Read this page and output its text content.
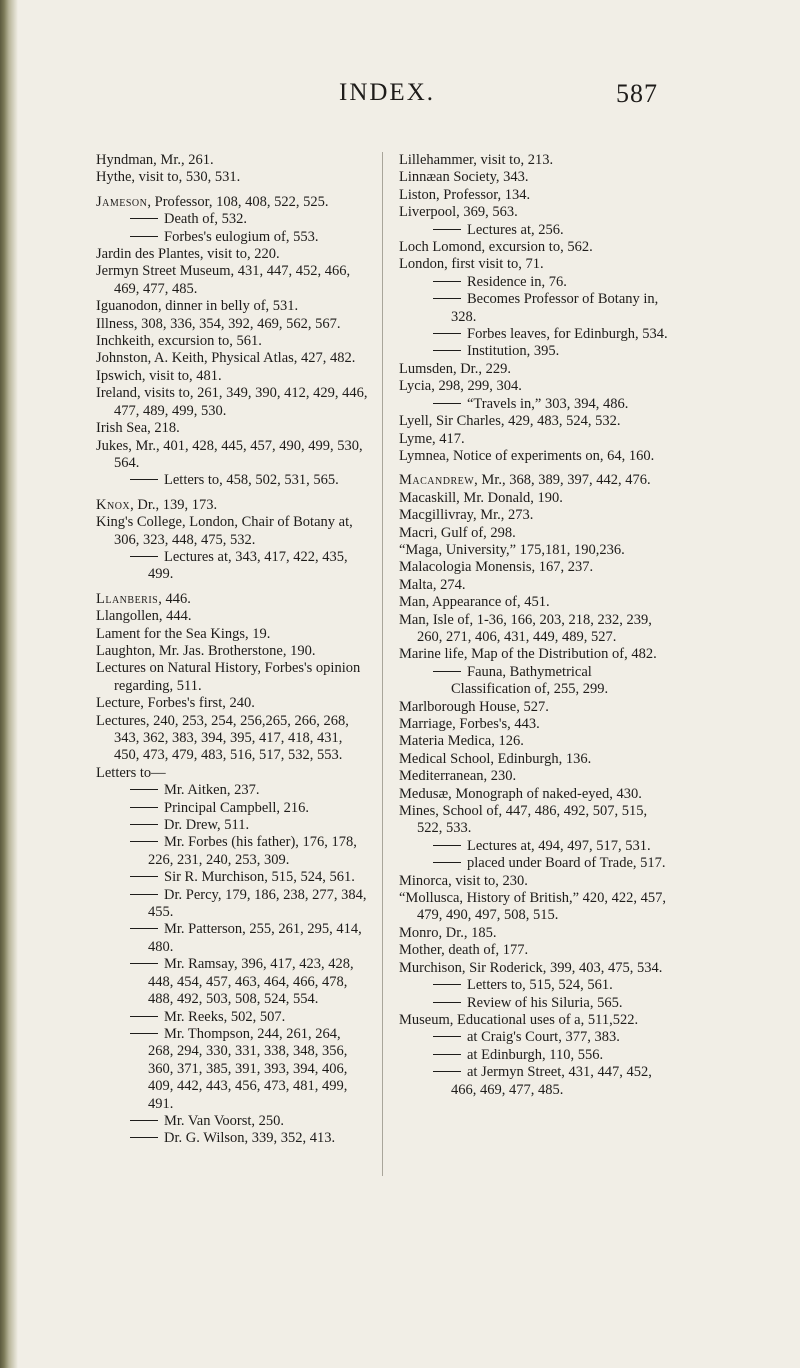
INDEX.	587
Hyndman, Mr., 261.
Hythe, visit to, 530, 531.
Jameson, Professor, 108, 408, 522, 525.
Death of, 532.
Forbes's eulogium of, 553.
Jardin des Plantes, visit to, 220.
Jermyn Street Museum, 431, 447, 452, 466, 469, 477, 485.
Iguanodon, dinner in belly of, 531.
Illness, 308, 336, 354, 392, 469, 562, 567.
Inchkeith, excursion to, 561.
Johnston, A. Keith, Physical Atlas, 427, 482.
Ipswich, visit to, 481.
Ireland, visits to, 261, 349, 390, 412, 429, 446, 477, 489, 499, 530.
Irish Sea, 218.
Jukes, Mr., 401, 428, 445, 457, 490, 499, 530, 564.
Letters to, 458, 502, 531, 565.
Knox, Dr., 139, 173.
King's College, London, Chair of Botany at, 306, 323, 448, 475, 532.
Lectures at, 343, 417, 422, 435, 499.
Llanberis, 446.
Llangollen, 444.
Lament for the Sea Kings, 19.
Laughton, Mr. Jas. Brotherstone, 190.
Lectures on Natural History, Forbes's opinion regarding, 511.
Lecture, Forbes's first, 240.
Lectures, 240, 253, 254, 256,265, 266, 268, 343, 362, 383, 394, 395, 417, 418, 431, 450, 473, 479, 483, 516, 517, 532, 553.
Letters to—
Mr. Aitken, 237.
Principal Campbell, 216.
Dr. Drew, 511.
Mr. Forbes (his father), 176, 178, 226, 231, 240, 253, 309.
Sir R. Murchison, 515, 524, 561.
Dr. Percy, 179, 186, 238, 277, 384, 455.
Mr. Patterson, 255, 261, 295, 414, 480.
Mr. Ramsay, 396, 417, 423, 428, 448, 454, 457, 463, 464, 466, 478, 488, 492, 503, 508, 524, 554.
Mr. Reeks, 502, 507.
Mr. Thompson, 244, 261, 264, 268, 294, 330, 331, 338, 348, 356, 360, 371, 385, 391, 393, 394, 406, 409, 442, 443, 456, 473, 481, 499, 491.
Mr. Van Voorst, 250.
Dr. G. Wilson, 339, 352, 413.
Lillehammer, visit to, 213.
Linnæan Society, 343.
Liston, Professor, 134.
Liverpool, 369, 563.
Lectures at, 256.
Loch Lomond, excursion to, 562.
London, first visit to, 71.
Residence in, 76.
Becomes Professor of Botany in, 328.
Forbes leaves, for Edinburgh, 534.
Institution, 395.
Lumsden, Dr., 229.
Lycia, 298, 299, 304.
“Travels in,” 303, 394, 486.
Lyell, Sir Charles, 429, 483, 524, 532.
Lyme, 417.
Lymnea, Notice of experiments on, 64, 160.
Macandrew, Mr., 368, 389, 397, 442, 476.
Macaskill, Mr. Donald, 190.
Macgillivray, Mr., 273.
Macri, Gulf of, 298.
“Maga, University,” 175,181, 190,236.
Malacologia Monensis, 167, 237.
Malta, 274.
Man, Appearance of, 451.
Man, Isle of, 1-36, 166, 203, 218, 232, 239, 260, 271, 406, 431, 449, 489, 527.
Marine life, Map of the Distribution of, 482.
Fauna, Bathymetrical Classification of, 255, 299.
Marlborough House, 527.
Marriage, Forbes's, 443.
Materia Medica, 126.
Medical School, Edinburgh, 136.
Mediterranean, 230.
Medusæ, Monograph of naked-eyed, 430.
Mines, School of, 447, 486, 492, 507, 515, 522, 533.
Lectures at, 494, 497, 517, 531.
placed under Board of Trade, 517.
Minorca, visit to, 230.
“Mollusca, History of British,” 420, 422, 457, 479, 490, 497, 508, 515.
Monro, Dr., 185.
Mother, death of, 177.
Murchison, Sir Roderick, 399, 403, 475, 534.
Letters to, 515, 524, 561.
Review of his Siluria, 565.
Museum, Educational uses of a, 511,522.
at Craig's Court, 377, 383.
at Edinburgh, 110, 556.
at Jermyn Street, 431, 447, 452, 466, 469, 477, 485.
